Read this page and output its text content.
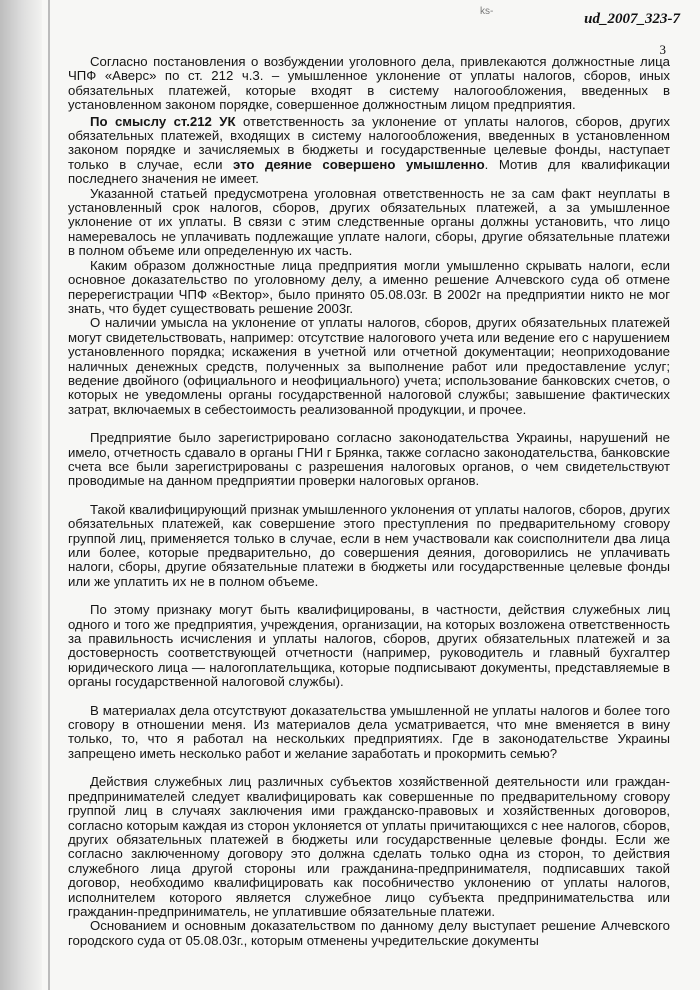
ks-	ud_2007_323-7
3

Согласно постановления о возбуждении уголовного дела, привлекаются должностные лица ЧПФ «Аверс» по ст. 212 ч.3. – умышленное уклонение от уплаты налогов, сборов, иных обязательных платежей, которые входят в систему налогообложения, введенных в установленном законом порядке, совершенное должностным лицом предприятия.

По смыслу ст.212 УК ответственность за уклонение от уплаты налогов, сборов, других обязательных платежей, входящих в систему налогообложения, введенных в установленном законом порядке и зачисляемых в бюджеты и государственные целевые фонды, наступает только в случае, если это деяние совершено умышленно. Мотив для квалификации последнего значения не имеет.

Указанной статьей предусмотрена уголовная ответственность не за сам факт неуплаты в установленный срок налогов, сборов, других обязательных платежей, а за умышленное уклонение от их уплаты. В связи с этим следственные органы должны установить, что лицо намеревалось не уплачивать подлежащие уплате налоги, сборы, другие обязательные платежи в полном объеме или определенную их часть.

Каким образом должностные лица предприятия могли умышленно скрывать налоги, если основное доказательство по уголовному делу, а именно решение Алчевского суда об отмене перерегистрации ЧПФ «Вектор», было принято 05.08.03г. В 2002г на предприятии никто не мог знать, что будет существовать решение 2003г.

О наличии умысла на уклонение от уплаты налогов, сборов, других обязательных платежей могут свидетельствовать, например: отсутствие налогового учета или ведение его с нарушением установленного порядка; искажения в учетной или отчетной документации; неоприходование наличных денежных средств, полученных за выполнение работ или предоставление услуг; ведение двойного (официального и неофициального) учета; использование банковских счетов, о которых не уведомлены органы государственной налоговой службы; завышение фактических затрат, включаемых в себестоимость реализованной продукции, и прочее.

Предприятие было зарегистрировано согласно законодательства Украины, нарушений не имело, отчетность сдавало в органы ГНИ г Брянка, также согласно законодательства, банковские счета все были зарегистрированы с разрешения налоговых органов, о чем свидетельствуют проводимые на данном предприятии проверки налоговых органов.

Такой квалифицирующий признак умышленного уклонения от уплаты налогов, сборов, других обязательных платежей, как совершение этого преступления по предварительному сговору группой лиц, применяется только в случае, если в нем участвовали как соисполнители два лица или более, которые предварительно, до совершения деяния, договорились не уплачивать налоги, сборы, другие обязательные платежи в бюджеты или государственные целевые фонды или же уплатить их не в полном объеме.

По этому признаку могут быть квалифицированы, в частности, действия служебных лиц одного и того же предприятия, учреждения, организации, на которых возложена ответственность за правильность исчисления и уплаты налогов, сборов, других обязательных платежей и за достоверность соответствующей отчетности (например, руководитель и главный бухгалтер юридического лица — налогоплательщика, которые подписывают документы, представляемые в органы государственной налоговой службы).

В материалах дела отсутствуют доказательства умышленной не уплаты налогов и более того сговору в отношении меня. Из материалов дела усматривается, что мне вменяется в вину только, то, что я работал на нескольких предприятиях. Где в законодательстве Украины запрещено иметь несколько работ и желание заработать и прокормить семью?

Действия служебных лиц различных субъектов хозяйственной деятельности или граждан-предпринимателей следует квалифицировать как совершенные по предварительному сговору группой лиц в случаях заключения ими гражданско-правовых и хозяйственных договоров, согласно которым каждая из сторон уклоняется от уплаты причитающихся с нее налогов, сборов, других обязательных платежей в бюджеты или государственные целевые фонды. Если же согласно заключенному договору это должна сделать только одна из сторон, то действия служебного лица другой стороны или гражданина-предпринимателя, подписавших такой договор, необходимо квалифицировать как пособничество уклонению от уплаты налогов, исполнителем которого является служебное лицо субъекта предпринимательства или гражданин-предприниматель, не уплатившие обязательные платежи.

Основанием и основным доказательством по данному делу выступает решение Алчевского городского суда от 05.08.03г., которым отменены учредительские документы
